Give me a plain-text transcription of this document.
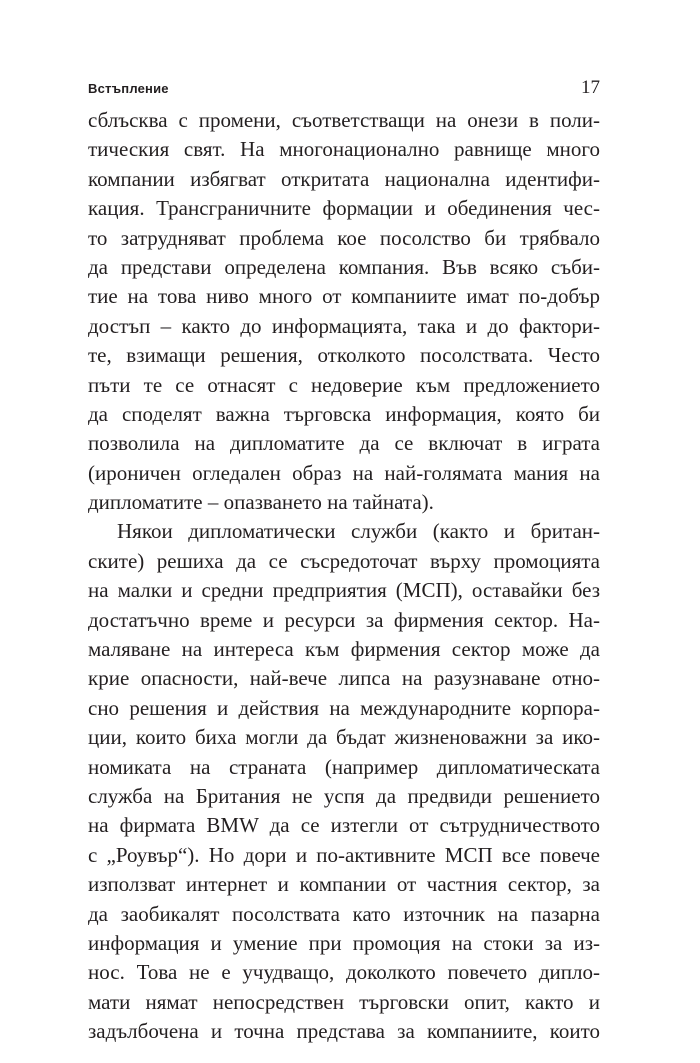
Встъпление	17
сблъсква с промени, съответстващи на онези в поли-
тическия свят. На многонационално равнище много
компании избягват откритата национална идентифи-
кация. Трансграничните формации и обединения чес-
то затрудняват проблема кое посолство би трябвало
да представи определена компания. Във всяко съби-
тие на това ниво много от компаниите имат по-добър
достъп – както до информацията, така и до фактори-
те, взимащи решения, отколкото посолствата. Често
пъти те се отнасят с недоверие към предложението
да споделят важна търговска информация, която би
позволила на дипломатите да се включат в играта
(ироничен огледален образ на най-голямата мания на
дипломатите – опазването на тайната).
Някои дипломатически служби (както и британ-
ските) решиха да се съсредоточат върху промоцията
на малки и средни предприятия (МСП), оставайки без
достатъчно време и ресурси за фирмения сектор. На-
маляване на интереса към фирмения сектор може да
крие опасности, най-вече липса на разузнаване отно-
сно решения и действия на международните корпора-
ции, които биха могли да бъдат жизненоважни за ико-
номиката на страната (например дипломатическата
служба на Британия не успя да предвиди решението
на фирмата BMW да се изтегли от сътрудничеството
с „Роувър“). Но дори и по-активните МСП все повече
използват интернет и компании от частния сектор, за
да заобикалят посолствата като източник на пазарна
информация и умение при промоция на стоки за из-
нос. Това не е учудващо, доколкото повечето дипло-
мати нямат непосредствен търговски опит, както и
задълбочена и точна представа за компаниите, които
